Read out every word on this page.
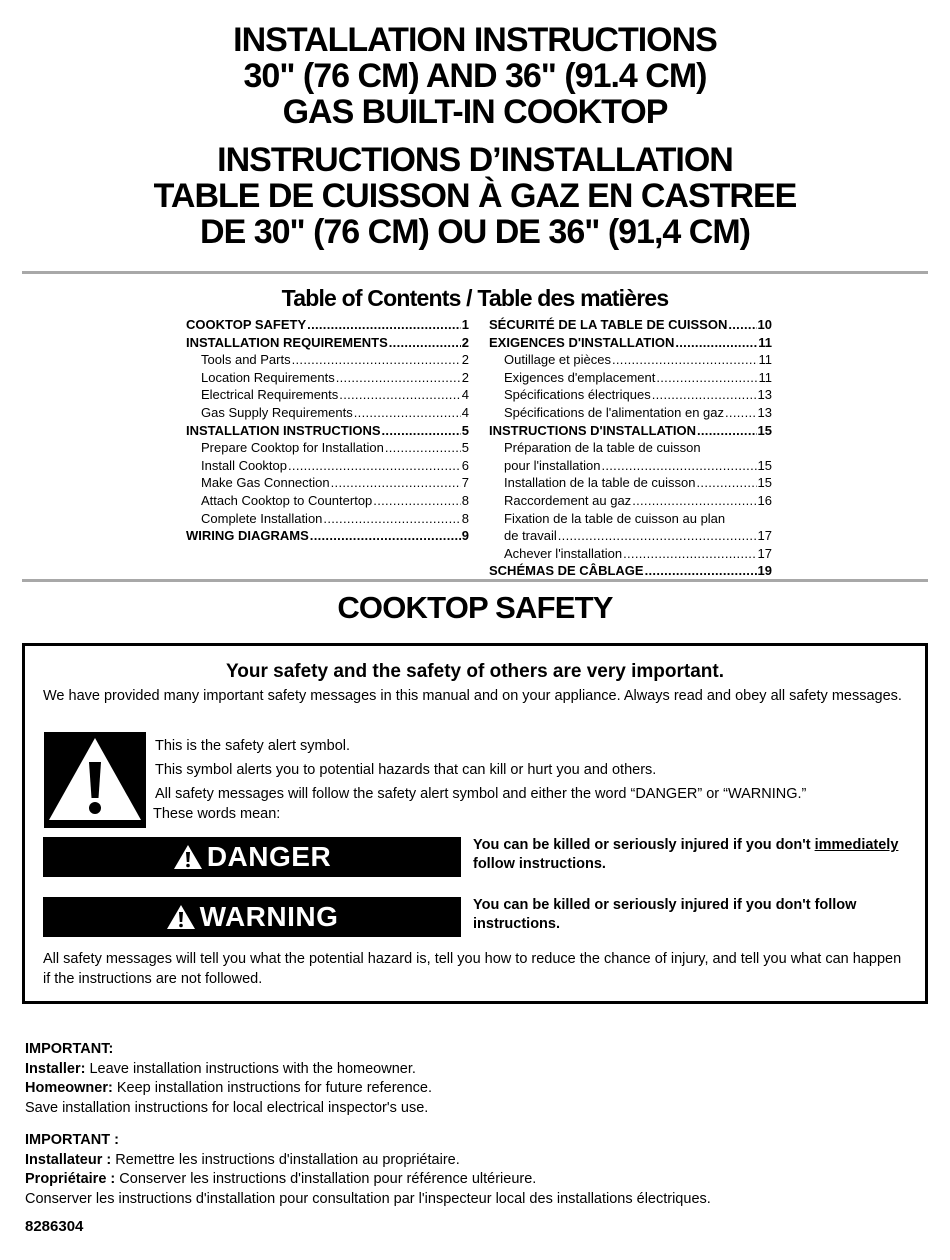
INSTALLATION INSTRUCTIONS
30" (76 CM) AND 36" (91.4 CM)
GAS BUILT-IN COOKTOP
INSTRUCTIONS D’INSTALLATION
TABLE DE CUISSON À GAZ EN CASTREE
DE 30" (76 CM) OU DE 36" (91,4 CM)
Table of Contents / Table des matières
COOKTOP SAFETY .....	1
INSTALLATION REQUIREMENTS .....	2
Tools and Parts .....	2
Location Requirements .....	2
Electrical Requirements .....	4
Gas Supply Requirements .....	4
INSTALLATION INSTRUCTIONS .....	5
Prepare Cooktop for Installation .....	5
Install Cooktop .....	6
Make Gas Connection .....	7
Attach Cooktop to Countertop .....	8
Complete Installation .....	8
WIRING DIAGRAMS .....	9
SÉCURITÉ DE LA TABLE DE CUISSON ..... 10
EXIGENCES D'INSTALLATION .....	11
Outillage et pièces .....	11
Exigences d'emplacement .....	11
Spécifications électriques .....	13
Spécifications de l'alimentation en gaz .....	13
INSTRUCTIONS D'INSTALLATION .....	15
Préparation de la table de cuisson
pour l'installation .....	15
Installation de la table de cuisson .....	15
Raccordement au gaz .....	16
Fixation de la table de cuisson au plan
de travail .....	17
Achever l'installation .....	17
SCHÉMAS DE CÂBLAGE .....	19
COOKTOP SAFETY
Your safety and the safety of others are very important.
We have provided many important safety messages in this manual and on your appliance. Always read and obey all safety messages.
This is the safety alert symbol.
This symbol alerts you to potential hazards that can kill or hurt you and others.
All safety messages will follow the safety alert symbol and either the word “DANGER” or “WARNING.”
These words mean:
DANGER	You can be killed or seriously injured if you don't immediately follow instructions.
WARNING	You can be killed or seriously injured if you don't follow instructions.
All safety messages will tell you what the potential hazard is, tell you how to reduce the chance of injury, and tell you what can happen if the instructions are not followed.
IMPORTANT:
Installer: Leave installation instructions with the homeowner.
Homeowner: Keep installation instructions for future reference.
Save installation instructions for local electrical inspector's use.
IMPORTANT :
Installateur : Remettre les instructions d'installation au propriétaire.
Propriétaire : Conserver les instructions d'installation pour référence ultérieure.
Conserver les instructions d'installation pour consultation par l'inspecteur local des installations électriques.
8286304
